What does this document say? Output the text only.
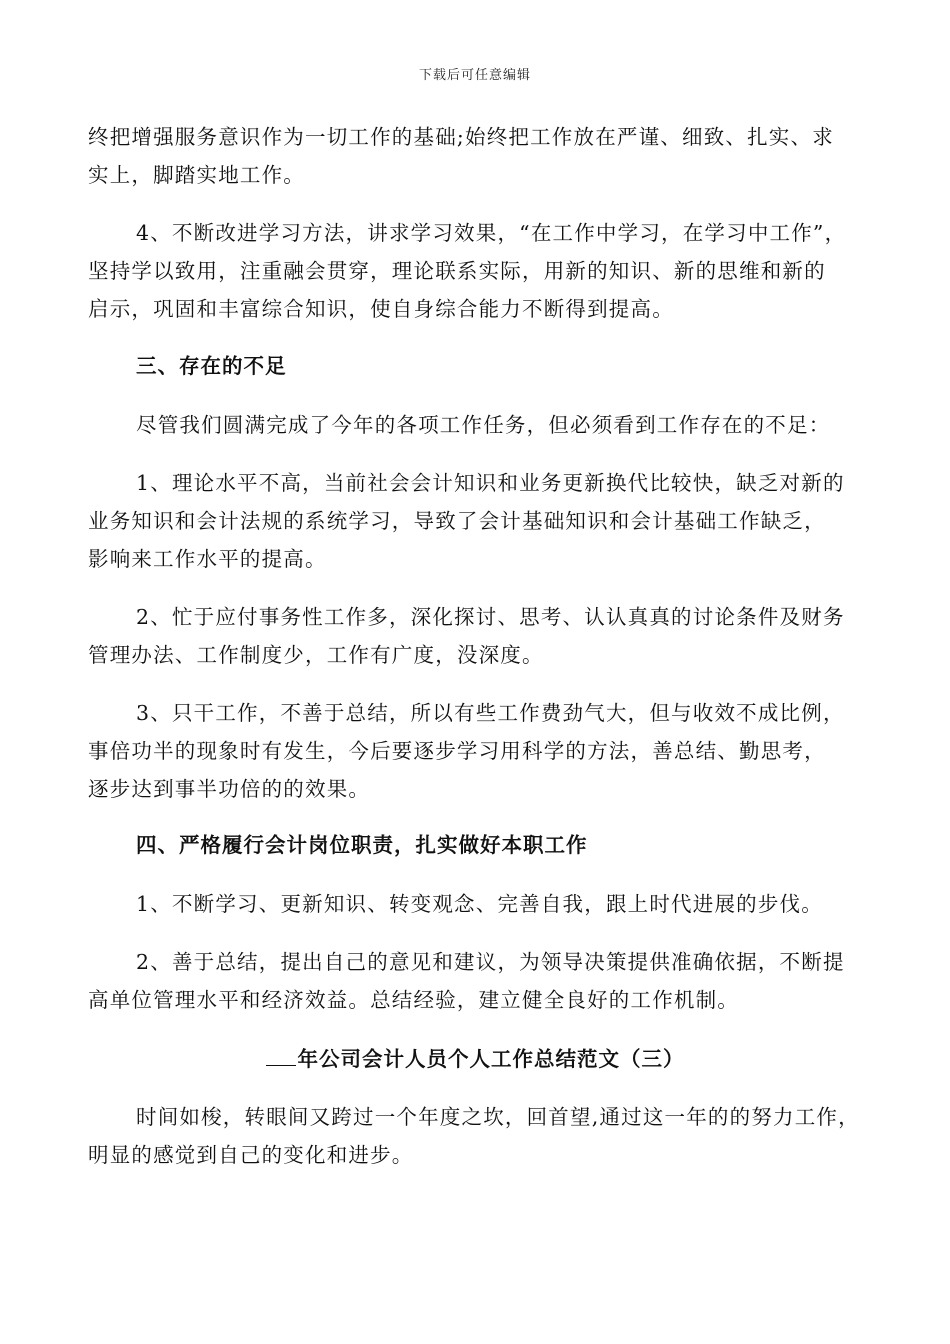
下载后可任意编辑
终把增强服务意识作为一切工作的基础;始终把工作放在严谨、细致、扎实、求
实上，脚踏实地工作。
4、不断改进学习方法，讲求学习效果，“在工作中学习，在学习中工作”，
坚持学以致用，注重融会贯穿，理论联系实际，用新的知识、新的思维和新的
启示，巩固和丰富综合知识，使自身综合能力不断得到提高。
三、存在的不足
尽管我们圆满完成了今年的各项工作任务，但必须看到工作存在的不足：
1、理论水平不高，当前社会会计知识和业务更新换代比较快，缺乏对新的
业务知识和会计法规的系统学习，导致了会计基础知识和会计基础工作缺乏，
影响来工作水平的提高。
2、忙于应付事务性工作多，深化探讨、思考、认认真真的讨论条件及财务
管理办法、工作制度少，工作有广度，没深度。
3、只干工作，不善于总结，所以有些工作费劲气大，但与收效不成比例，
事倍功半的现象时有发生，今后要逐步学习用科学的方法，善总结、勤思考，
逐步达到事半功倍的的效果。
四、严格履行会计岗位职责，扎实做好本职工作
1、不断学习、更新知识、转变观念、完善自我，跟上时代进展的步伐。
2、善于总结，提出自己的意见和建议，为领导决策提供准确依据，不断提
高单位管理水平和经济效益。总结经验，建立健全良好的工作机制。
时间如梭，转眼间又跨过一个年度之坎，回首望,通过这一年的的努力工作，
明显的感觉到自己的变化和进步。
年公司会计人员个人工作总结范文（三）
